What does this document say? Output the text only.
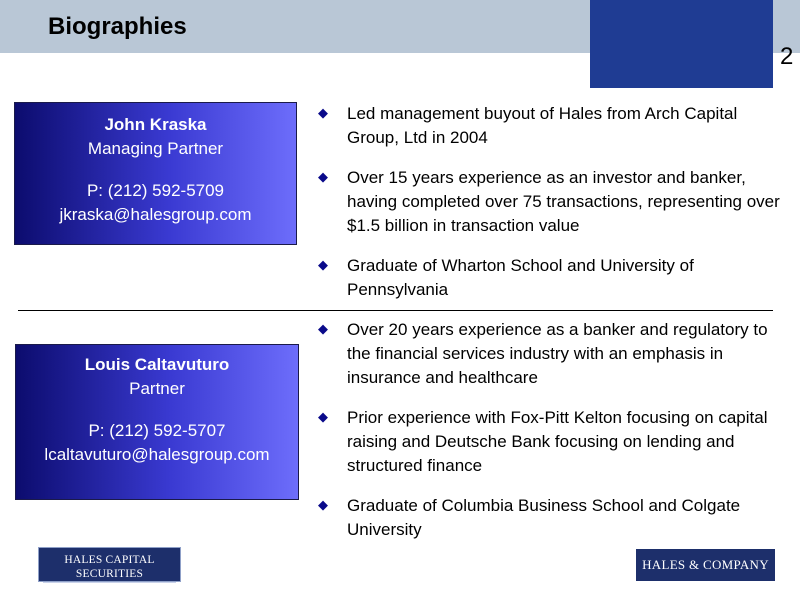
Biographies
2
John Kraska
Managing Partner
P: (212) 592-5709
jkraska@halesgroup.com
◆ Led management buyout of Hales from Arch Capital Group, Ltd in 2004
◆ Over 15 years experience as an investor and banker, having completed over 75 transactions, representing over $1.5 billion in transaction value
◆ Graduate of Wharton School and University of Pennsylvania
Louis Caltavuturo
Partner
P: (212) 592-5707
lcaltavuturo@halesgroup.com
◆ Over 20 years experience as a banker and regulatory to the financial services industry with an emphasis in insurance and healthcare
◆ Prior experience with Fox-Pitt Kelton focusing on capital raising and Deutsche Bank focusing on lending and structured finance
◆ Graduate of Columbia Business School and Colgate University
HALES CAPITAL SECURITIES
MEMBER FINRA/SIPC
HALES & COMPANY
